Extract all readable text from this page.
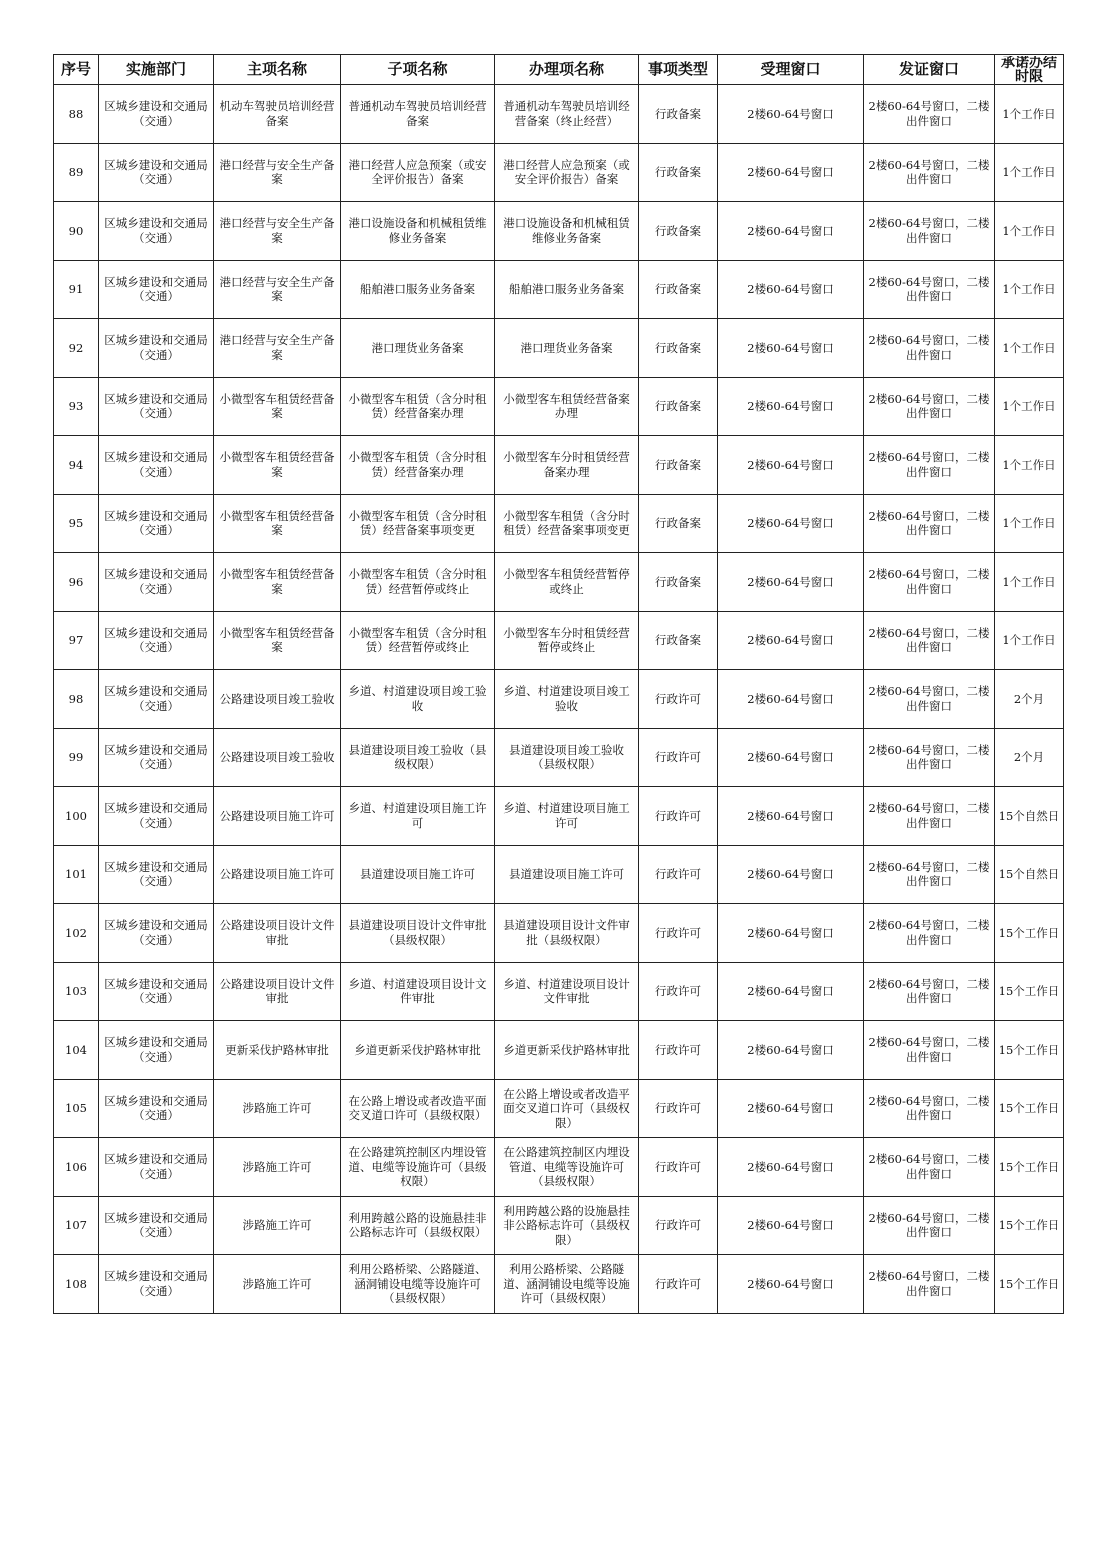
序号	实施部门	主项名称	子项名称	办理项名称	事项类型	受理窗口	发证窗口	承诺办结时限

88	区城乡建设和交通局（交通）	机动车驾驶员培训经营备案	普通机动车驾驶员培训经营备案	普通机动车驾驶员培训经营备案（终止经营）	行政备案	2楼60-64号窗口	2楼60-64号窗口，二楼出件窗口	1个工作日
89	区城乡建设和交通局（交通）	港口经营与安全生产备案	港口经营人应急预案（或安全评价报告）备案	港口经营人应急预案（或安全评价报告）备案	行政备案	2楼60-64号窗口	2楼60-64号窗口，二楼出件窗口	1个工作日
90	区城乡建设和交通局（交通）	港口经营与安全生产备案	港口设施设备和机械租赁维修业务备案	港口设施设备和机械租赁维修业务备案	行政备案	2楼60-64号窗口	2楼60-64号窗口，二楼出件窗口	1个工作日
91	区城乡建设和交通局（交通）	港口经营与安全生产备案	船舶港口服务业务备案	船舶港口服务业务备案	行政备案	2楼60-64号窗口	2楼60-64号窗口，二楼出件窗口	1个工作日
92	区城乡建设和交通局（交通）	港口经营与安全生产备案	港口理货业务备案	港口理货业务备案	行政备案	2楼60-64号窗口	2楼60-64号窗口，二楼出件窗口	1个工作日
93	区城乡建设和交通局（交通）	小微型客车租赁经营备案	小微型客车租赁（含分时租赁）经营备案办理	小微型客车租赁经营备案办理	行政备案	2楼60-64号窗口	2楼60-64号窗口，二楼出件窗口	1个工作日
94	区城乡建设和交通局（交通）	小微型客车租赁经营备案	小微型客车租赁（含分时租赁）经营备案办理	小微型客车分时租赁经营备案办理	行政备案	2楼60-64号窗口	2楼60-64号窗口，二楼出件窗口	1个工作日
95	区城乡建设和交通局（交通）	小微型客车租赁经营备案	小微型客车租赁（含分时租赁）经营备案事项变更	小微型客车租赁（含分时租赁）经营备案事项变更	行政备案	2楼60-64号窗口	2楼60-64号窗口，二楼出件窗口	1个工作日
96	区城乡建设和交通局（交通）	小微型客车租赁经营备案	小微型客车租赁（含分时租赁）经营暂停或终止	小微型客车租赁经营暂停或终止	行政备案	2楼60-64号窗口	2楼60-64号窗口，二楼出件窗口	1个工作日
97	区城乡建设和交通局（交通）	小微型客车租赁经营备案	小微型客车租赁（含分时租赁）经营暂停或终止	小微型客车分时租赁经营暂停或终止	行政备案	2楼60-64号窗口	2楼60-64号窗口，二楼出件窗口	1个工作日
98	区城乡建设和交通局（交通）	公路建设项目竣工验收	乡道、村道建设项目竣工验收	乡道、村道建设项目竣工验收	行政许可	2楼60-64号窗口	2楼60-64号窗口，二楼出件窗口	2个月
99	区城乡建设和交通局（交通）	公路建设项目竣工验收	县道建设项目竣工验收（县级权限）	县道建设项目竣工验收（县级权限）	行政许可	2楼60-64号窗口	2楼60-64号窗口，二楼出件窗口	2个月
100	区城乡建设和交通局（交通）	公路建设项目施工许可	乡道、村道建设项目施工许可	乡道、村道建设项目施工许可	行政许可	2楼60-64号窗口	2楼60-64号窗口，二楼出件窗口	15个自然日
101	区城乡建设和交通局（交通）	公路建设项目施工许可	县道建设项目施工许可	县道建设项目施工许可	行政许可	2楼60-64号窗口	2楼60-64号窗口，二楼出件窗口	15个自然日
102	区城乡建设和交通局（交通）	公路建设项目设计文件审批	县道建设项目设计文件审批（县级权限）	县道建设项目设计文件审批（县级权限）	行政许可	2楼60-64号窗口	2楼60-64号窗口，二楼出件窗口	15个工作日
103	区城乡建设和交通局（交通）	公路建设项目设计文件审批	乡道、村道建设项目设计文件审批	乡道、村道建设项目设计文件审批	行政许可	2楼60-64号窗口	2楼60-64号窗口，二楼出件窗口	15个工作日
104	区城乡建设和交通局（交通）	更新采伐护路林审批	乡道更新采伐护路林审批	乡道更新采伐护路林审批	行政许可	2楼60-64号窗口	2楼60-64号窗口，二楼出件窗口	15个工作日
105	区城乡建设和交通局（交通）	涉路施工许可	在公路上增设或者改造平面交叉道口许可（县级权限）	在公路上增设或者改造平面交叉道口许可（县级权限）	行政许可	2楼60-64号窗口	2楼60-64号窗口，二楼出件窗口	15个工作日
106	区城乡建设和交通局（交通）	涉路施工许可	在公路建筑控制区内埋设管道、电缆等设施许可（县级权限）	在公路建筑控制区内埋设管道、电缆等设施许可（县级权限）	行政许可	2楼60-64号窗口	2楼60-64号窗口，二楼出件窗口	15个工作日
107	区城乡建设和交通局（交通）	涉路施工许可	利用跨越公路的设施悬挂非公路标志许可（县级权限）	利用跨越公路的设施悬挂非公路标志许可（县级权限）	行政许可	2楼60-64号窗口	2楼60-64号窗口，二楼出件窗口	15个工作日
108	区城乡建设和交通局（交通）	涉路施工许可	利用公路桥梁、公路隧道、涵洞铺设电缆等设施许可（县级权限）	利用公路桥梁、公路隧道、涵洞铺设电缆等设施许可（县级权限）	行政许可	2楼60-64号窗口	2楼60-64号窗口，二楼出件窗口	15个工作日
